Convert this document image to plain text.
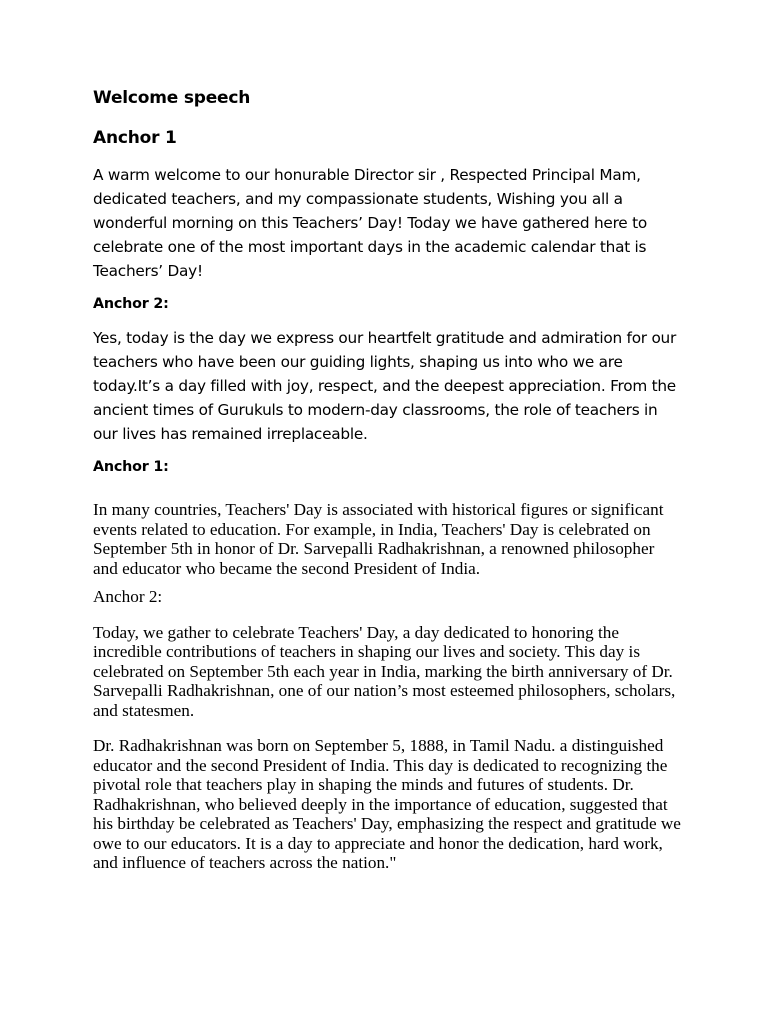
Welcome speech
Anchor 1

A warm welcome to our honurable Director sir , Respected Principal Mam, dedicated teachers, and my compassionate students, Wishing you all a wonderful morning on this Teachers’ Day! Today we have gathered here to celebrate one of the most important days in the academic calendar that is Teachers’ Day!

Anchor 2:

Yes, today is the day we express our heartfelt gratitude and admiration for our teachers who have been our guiding lights, shaping us into who we are today.It’s a day filled with joy, respect, and the deepest appreciation. From the ancient times of Gurukuls to modern-day classrooms, the role of teachers in our lives has remained irreplaceable.

Anchor 1:

In many countries, Teachers' Day is associated with historical figures or significant events related to education. For example, in India, Teachers' Day is celebrated on September 5th in honor of Dr. Sarvepalli Radhakrishnan, a renowned philosopher and educator who became the second President of India.

Anchor 2:

Today, we gather to celebrate Teachers' Day, a day dedicated to honoring the incredible contributions of teachers in shaping our lives and society. This day is celebrated on September 5th each year in India, marking the birth anniversary of Dr. Sarvepalli Radhakrishnan, one of our nation’s most esteemed philosophers, scholars, and statesmen.

Dr. Radhakrishnan was born on September 5, 1888, in Tamil Nadu. a distinguished educator and the second President of India. This day is dedicated to recognizing the pivotal role that teachers play in shaping the minds and futures of students. Dr. Radhakrishnan, who believed deeply in the importance of education, suggested that his birthday be celebrated as Teachers' Day, emphasizing the respect and gratitude we owe to our educators. It is a day to appreciate and honor the dedication, hard work, and influence of teachers across the nation."
